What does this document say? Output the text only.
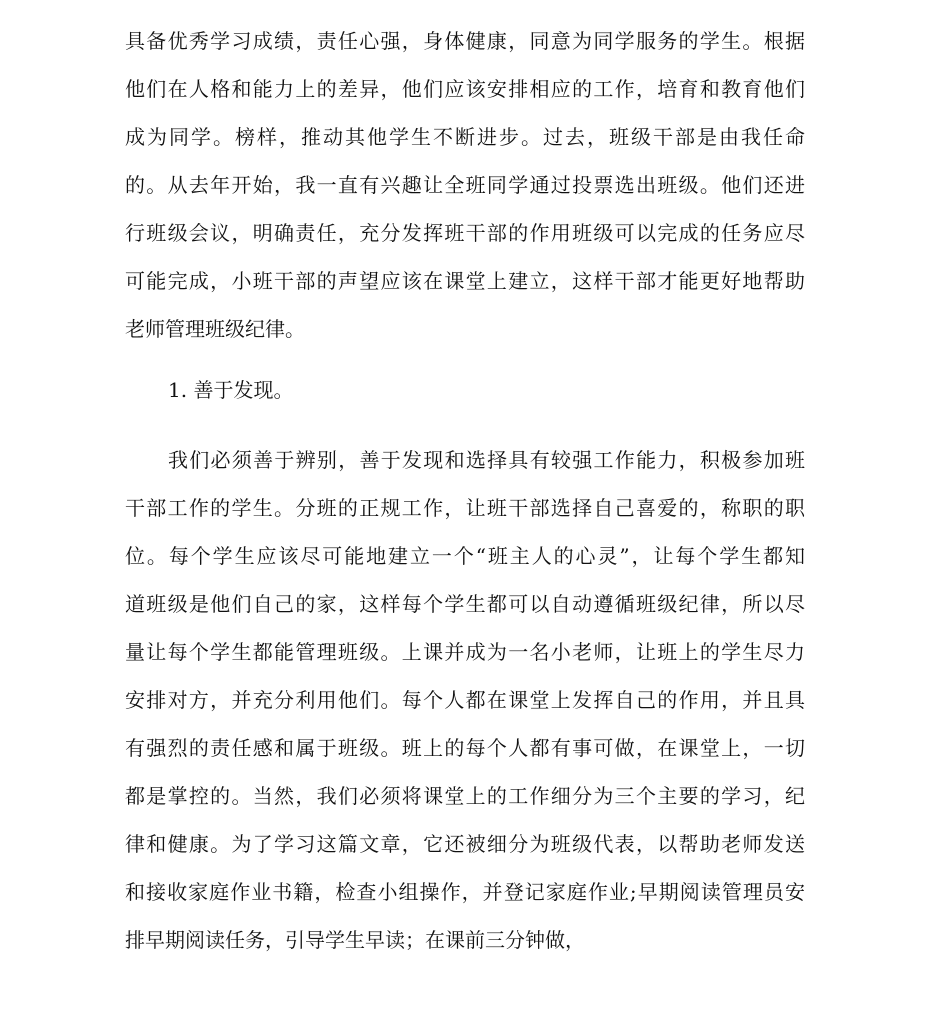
具备优秀学习成绩，责任心强，身体健康，同意为同学服务的学生。根据

他们在人格和能力上的差异，他们应该安排相应的工作，培育和教育他们

成为同学。榜样，推动其他学生不断进步。过去，班级干部是由我任命

的。从去年开始，我一直有兴趣让全班同学通过投票选出班级。他们还进

行班级会议，明确责任，充分发挥班干部的作用班级可以完成的任务应尽

可能完成，小班干部的声望应该在课堂上建立，这样干部才能更好地帮助

老师管理班级纪律。

1. 善于发现。

我们必须善于辨别，善于发现和选择具有较强工作能力，积极参加班

干部工作的学生。分班的正规工作，让班干部选择自己喜爱的，称职的职

位。每个学生应该尽可能地建立一个“班主人的心灵”，让每个学生都知

道班级是他们自己的家，这样每个学生都可以自动遵循班级纪律，所以尽

量让每个学生都能管理班级。上课并成为一名小老师，让班上的学生尽力

安排对方，并充分利用他们。每个人都在课堂上发挥自己的作用，并且具

有强烈的责任感和属于班级。班上的每个人都有事可做，在课堂上，一切

都是掌控的。当然，我们必须将课堂上的工作细分为三个主要的学习，纪

律和健康。为了学习这篇文章，它还被细分为班级代表，以帮助老师发送

和接收家庭作业书籍，检查小组操作，并登记家庭作业;早期阅读管理员安

排早期阅读任务，引导学生早读；在课前三分钟做，
